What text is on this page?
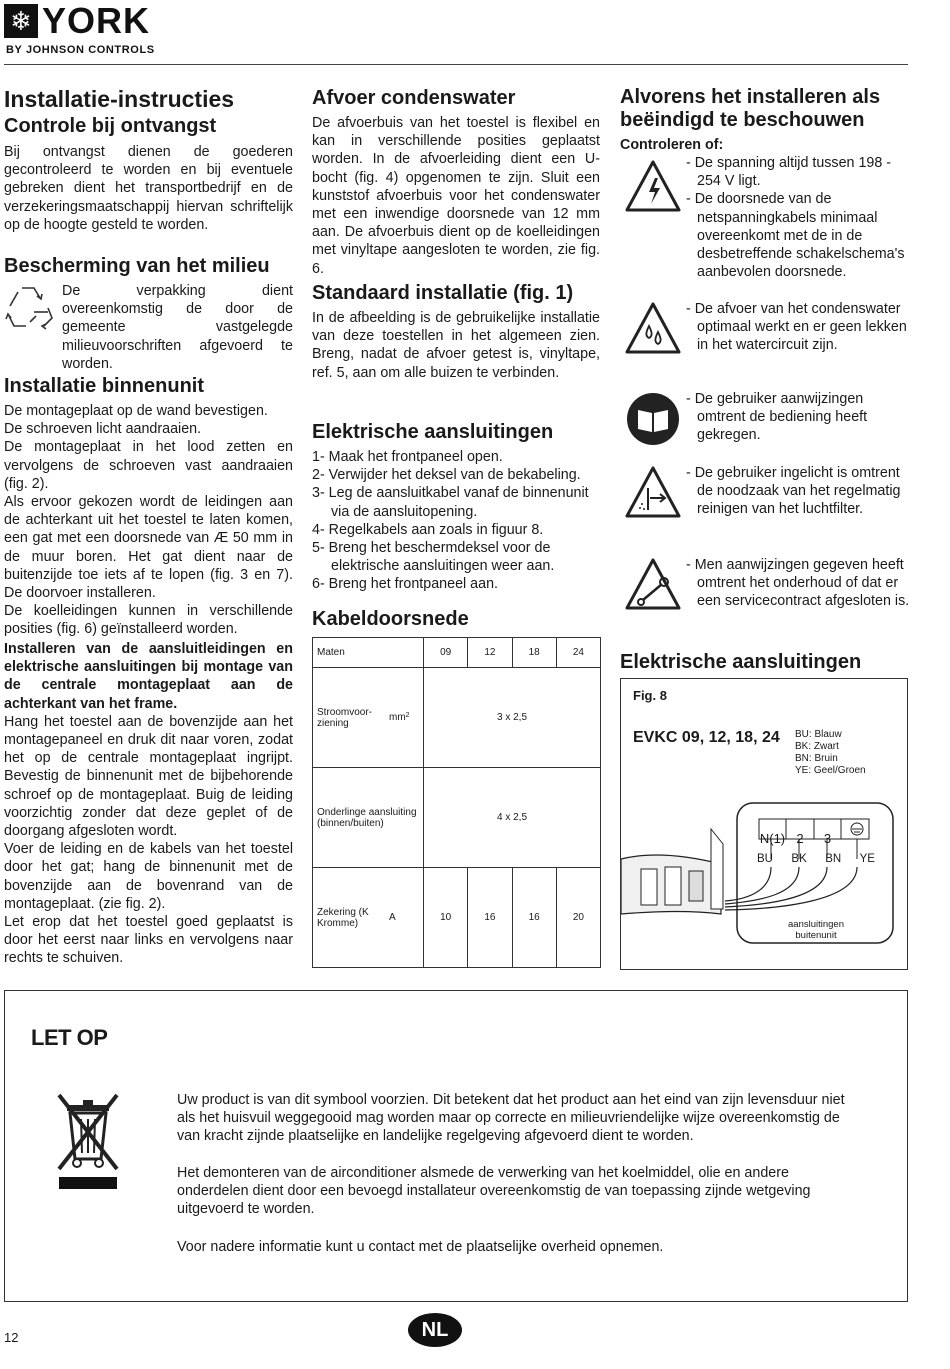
❄ YORK
BY JOHNSON CONTROLS
Installatie-instructies
Controle bij ontvangst

Bij ontvangst dienen de goederen gecontroleerd te worden en bij eventuele gebreken dient het transportbedrijf en de verzekeringsmaatschappij hiervan schriftelijk op de hoogte gesteld te worden.

Bescherming van het milieu

De verpakking dient overeenkomstig de door de gemeente vastgelegde milieuvoorschriften afgevoerd te worden.

Installatie binnenunit

De montageplaat op de wand bevestigen.

De schroeven licht aandraaien.

De montageplaat in het lood zetten en vervolgens de schroeven vast aandraaien (fig. 2).

Als ervoor gekozen wordt de leidingen aan de achterkant uit het toestel te laten komen, een gat met een doorsnede van Æ 50 mm in de muur boren. Het gat dient naar de buitenzijde toe iets af te lopen (fig. 3 en 7). De doorvoer installeren.

De koelleidingen kunnen in verschillende posities (fig. 6) geïnstalleerd worden.

Installeren van de aansluitleidingen en elektrische aansluitingen bij montage van de centrale montageplaat aan de achterkant van het frame.

Hang het toestel aan de bovenzijde aan het montagepaneel en druk dit naar voren, zodat het op de centrale montageplaat ingrijpt. Bevestig de binnenunit met de bijbehorende schroef op de montageplaat. Buig de leiding voorzichtig zonder dat deze geplet of de doorgang afgesloten wordt.

Voer de leiding en de kabels van het toestel door het gat; hang de binnenunit met de bovenzijde aan de bovenrand van de montageplaat. (zie fig. 2).

Let erop dat het toestel goed geplaatst is door het eerst naar links en vervolgens naar rechts te schuiven.

Afvoer condenswater

De afvoerbuis van het toestel is flexibel en kan in verschillende posities geplaatst worden. In de afvoerleiding dient een U-bocht (fig. 4) opgenomen te zijn. Sluit een kunststof afvoerbuis voor het condenswater met een inwendige doorsnede van 12 mm aan. De afvoerbuis dient op de koelleidingen met vinyltape aangesloten te worden, zie fig. 6.

Standaard installatie (fig. 1)

In de afbeelding is de gebruikelijke installatie van deze toestellen in het algemeen zien. Breng, nadat de afvoer getest is, vinyltape, ref. 5, aan om alle buizen te verbinden.

Elektrische aansluitingen
1- Maak het frontpaneel open.
2- Verwijder het deksel van de bekabeling.
3- Leg de aansluitkabel vanaf de binnenunit via de aansluitopening.
4- Regelkabels aan zoals in figuur 8.
5- Breng het beschermdeksel voor de elektrische aansluitingen weer aan.
6- Breng het frontpaneel aan.
Kabeldoorsnede
Maten		09	12	18	24
Stroomvoor-ziening	$mm^2$	3 x 2,5			
Onderlinge aansluiting (binnen/buiten)		4 x 2,5			
Zekering (K Kromme)	A	10	16	16	20
Alvorens het installeren als beëindigd te beschouwen

Controleren of:

- De spanning altijd tussen 198 - 254 V ligt.
- De doorsnede van de netspanningkabels minimaal overeenkomt met de in de desbetreffende schakelschema's aanbevolen doorsnede.
- De afvoer van het condenswater optimaal werkt en er geen lekken in het watercircuit zijn.
- De gebruiker aanwijzingen omtrent de bediening heeft gekregen.
- De gebruiker ingelicht is omtrent de noodzaak van het regelmatig reinigen van het luchtfilter.
- Men aanwijzingen gegeven heeft omtrent het onderhoud of dat er een servicecontract afgesloten is.
Elektrische aansluitingen
Fig. 8
EVKC 09, 12, 18, 24 BU: Blauw
BK: Zwart
BN: Bruin
YE: Geel/Groen
N(1) 2	3
BU BK BN YE
aansluitingen
buitenunit
LET OP

Uw product is van dit symbool voorzien. Dit betekent dat het product aan het eind van zijn levensduur niet als het huisvuil weggegooid mag worden maar op correcte en milieuvriendelijke wijze overeenkomstig de van kracht zijnde plaatselijke en landelijke regelgeving afgevoerd dient te worden.

Het demonteren van de airconditioner alsmede de verwerking van het koelmiddel, olie en andere onderdelen dient door een bevoegd installateur overeenkomstig de van toepassing zijnde wetgeving uitgevoerd te worden.

Voor nadere informatie kunt u contact met de plaatselijke overheid opnemen.

12	NL
